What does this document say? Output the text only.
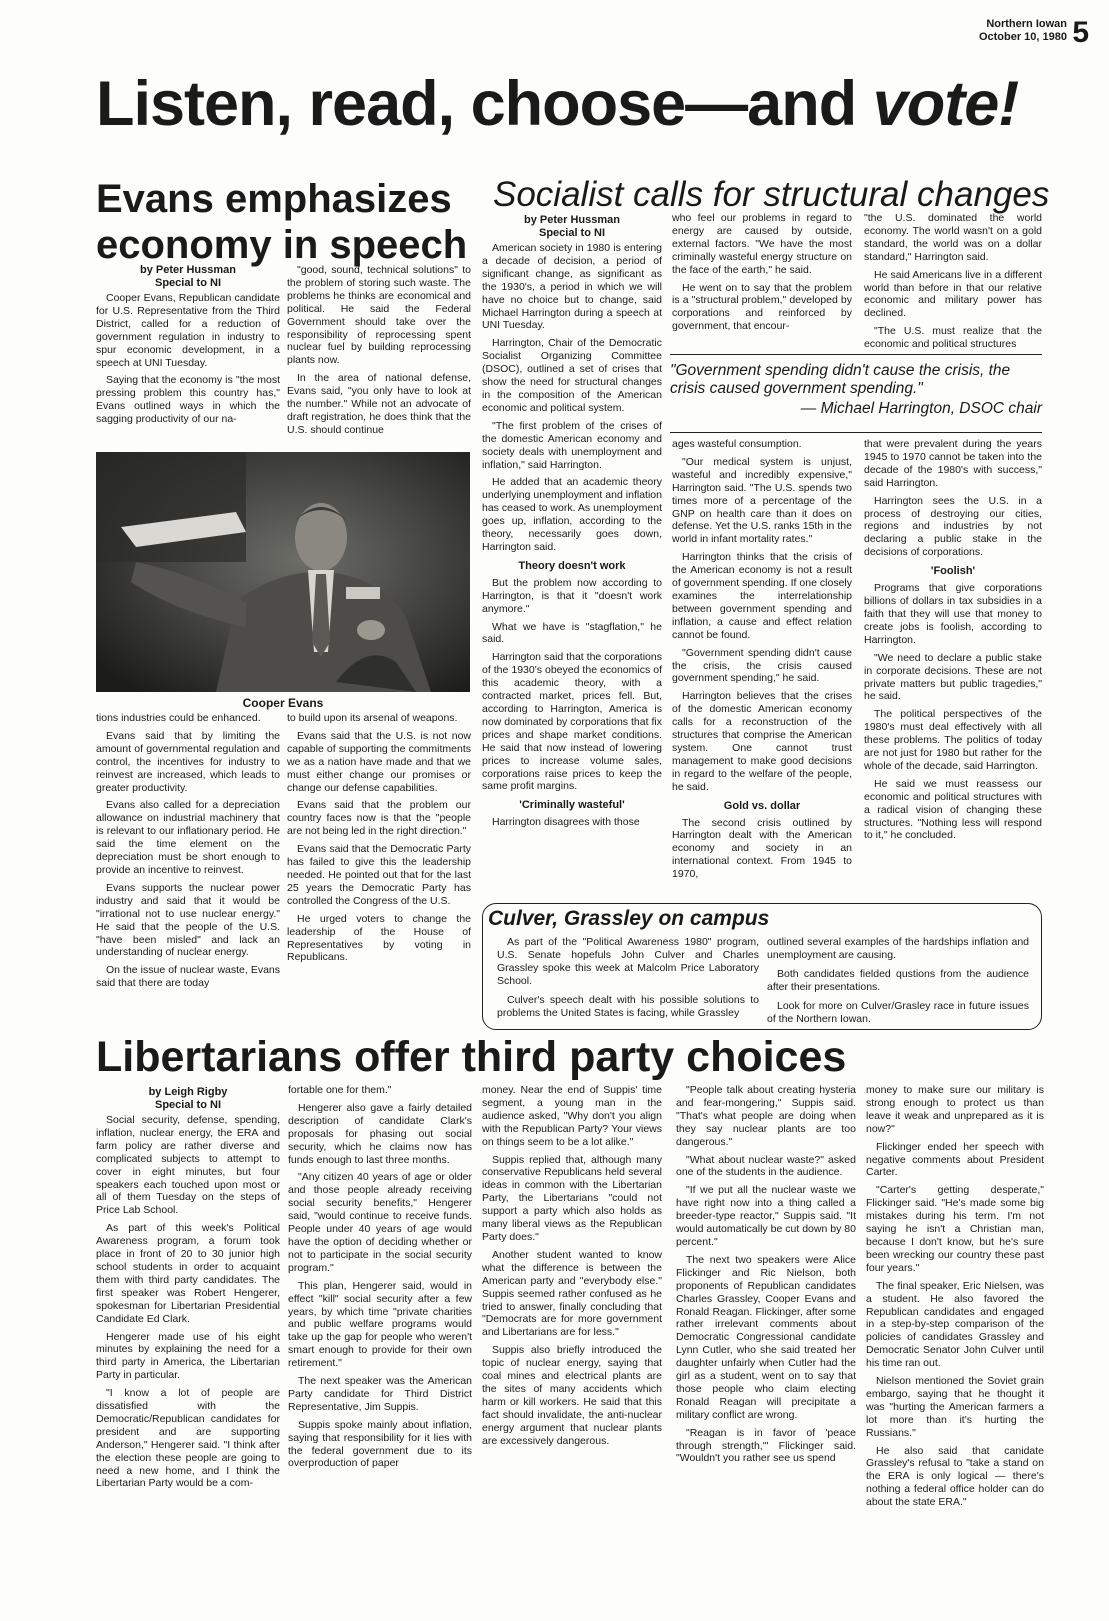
Northern Iowan
October 10, 1980 5
Listen, read, choose—and vote!
Evans emphasizes economy in speech
by Peter Hussman
Special to NI

Cooper Evans, Republican candidate for U.S. Representative from the Third District, called for a reduction of government regulation in industry to spur economic development, in a speech at UNI Tuesday.

Saying that the economy is "the most pressing problem this country has," Evans outlined ways in which the sagging productivity of our na-

"good, sound, technical solutions" to the problem of storing such waste. The problems he thinks are economical and political. He said the Federal Government should take over the responsibility of reprocessing spent nuclear fuel by building reprocessing plants now.

In the area of national defense, Evans said, "you only have to look at the number." While not an advocate of draft registration, he does think that the U.S. should continue

Cooper Evans

tions industries could be enhanced.

Evans said that by limiting the amount of governmental regulation and control, the incentives for industry to reinvest are increased, which leads to greater productivity.

Evans also called for a depreciation allowance on industrial machinery that is relevant to our inflationary period. He said the time element on the depreciation must be short enough to provide an incentive to reinvest.

Evans supports the nuclear power industry and said that it would be "irrational not to use nuclear energy." He said that the people of the U.S. "have been misled" and lack an understanding of nuclear energy.

On the issue of nuclear waste, Evans said that there are today

to build upon its arsenal of weapons.

Evans said that the U.S. is not now capable of supporting the commitments we as a nation have made and that we must either change our promises or change our defense capabilities.

Evans said that the problem our country faces now is that the "people are not being led in the right direction."

Evans said that the Democratic Party has failed to give this the leadership needed. He pointed out that for the last 25 years the Democratic Party has controlled the Congress of the U.S.

He urged voters to change the leadership of the House of Representatives by voting in Republicans.

Socialist calls for structural changes
by Peter Hussman
Special to NI

American society in 1980 is entering a decade of decision, a period of significant change, as significant as the 1930's, a period in which we will have no choice but to change, said Michael Harrington during a speech at UNI Tuesday.

Harrington, Chair of the Democratic Socialist Organizing Committee (DSOC), outlined a set of crises that show the need for structural changes in the composition of the American economic and political system.

"The first problem of the crises of the domestic American economy and society deals with unemployment and inflation," said Harrington.

He added that an academic theory underlying unemployment and inflation has ceased to work. As unemployment goes up, inflation, according to the theory, necessarily goes down, Harrington said.

Theory doesn't work

But the problem now according to Harrington, is that it "doesn't work anymore."

What we have is "stagflation," he said.

Harrington said that the corporations of the 1930's obeyed the economics of this academic theory, with a contracted market, prices fell. But, according to Harrington, America is now dominated by corporations that fix prices and shape market conditions. He said that now instead of lowering prices to increase volume sales, corporations raise prices to keep the same profit margins.

'Criminally wasteful'

Harrington disagrees with those

who feel our problems in regard to energy are caused by outside, external factors. "We have the most criminally wasteful energy structure on the face of the earth," he said.

He went on to say that the problem is a "structural problem," developed by corporations and reinforced by government, that encour-

"the U.S. dominated the world economy. The world wasn't on a gold standard, the world was on a dollar standard," Harrington said.

He said Americans live in a different world than before in that our relative economic and military power has declined.

"The U.S. must realize that the economic and political structures

"Government spending didn't cause the crisis, the crisis caused government spending."
— Michael Harrington, DSOC chair

ages wasteful consumption.

"Our medical system is unjust, wasteful and incredibly expensive," Harrington said. "The U.S. spends two times more of a percentage of the GNP on health care than it does on defense. Yet the U.S. ranks 15th in the world in infant mortality rates."

Harrington thinks that the crisis of the American economy is not a result of government spending. If one closely examines the interrelationship between government spending and inflation, a cause and effect relation cannot be found.

"Government spending didn't cause the crisis, the crisis caused government spending," he said.

Harrington believes that the crises of the domestic American economy calls for a reconstruction of the structures that comprise the American system. One cannot trust management to make good decisions in regard to the welfare of the people, he said.

Gold vs. dollar

The second crisis outlined by Harrington dealt with the American economy and society in an international context. From 1945 to 1970,

that were prevalent during the years 1945 to 1970 cannot be taken into the decade of the 1980's with success," said Harrington.

Harrington sees the U.S. in a process of destroying our cities, regions and industries by not declaring a public stake in the decisions of corporations.

'Foolish'

Programs that give corporations billions of dollars in tax subsidies in a faith that they will use that money to create jobs is foolish, according to Harrington.

"We need to declare a public stake in corporate decisions. These are not private matters but public tragedies," he said.

The political perspectives of the 1980's must deal effectively with all these problems. The politics of today are not just for 1980 but rather for the whole of the decade, said Harrington.

He said we must reassess our economic and political structures with a radical vision of changing these structures. "Nothing less will respond to it," he concluded.

As part of the "Political Awareness 1980" program, U.S. Senate hopefuls John Culver and Charles Grassley spoke this week at Malcolm Price Laboratory School.

Culver's speech dealt with his possible solutions to problems the United States is facing, while Grassley

outlined several examples of the hardships inflation and unemployment are causing.

Both candidates fielded qustions from the audience after their presentations.

Look for more on Culver/Grasley race in future issues of the Northern Iowan.

Culver, Grassley on campus
Libertarians offer third party choices
by Leigh Rigby
Special to NI

Social security, defense, spending, inflation, nuclear energy, the ERA and farm policy are rather diverse and complicated subjects to attempt to cover in eight minutes, but four speakers each touched upon most or all of them Tuesday on the steps of Price Lab School.

As part of this week's Political Awareness program, a forum took place in front of 20 to 30 junior high school students in order to acquaint them with third party candidates. The first speaker was Robert Hengerer, spokesman for Libertarian Presidential Candidate Ed Clark.

Hengerer made use of his eight minutes by explaining the need for a third party in America, the Libertarian Party in particular.

"I know a lot of people are dissatisfied with the Democratic/Republican candidates for president and are supporting Anderson," Hengerer said. "I think after the election these people are going to need a new home, and I think the Libertarian Party would be a com-

fortable one for them."

Hengerer also gave a fairly detailed description of candidate Clark's proposals for phasing out social security, which he claims now has funds enough to last three months.

"Any citizen 40 years of age or older and those people already receiving social security benefits," Hengerer said, "would continue to receive funds. People under 40 years of age would have the option of deciding whether or not to participate in the social security program."

This plan, Hengerer said, would in effect "kill" social security after a few years, by which time "private charities and public welfare programs would take up the gap for people who weren't smart enough to provide for their own retirement."

The next speaker was the American Party candidate for Third District Representative, Jim Suppis.

Suppis spoke mainly about inflation, saying that responsibility for it lies with the federal government due to its overproduction of paper

money. Near the end of Suppis' time segment, a young man in the audience asked, "Why don't you align with the Republican Party? Your views on things seem to be a lot alike."

Suppis replied that, although many conservative Republicans held several ideas in common with the Libertarian Party, the Libertarians "could not support a party which also holds as many liberal views as the Republican Party does."

Another student wanted to know what the difference is between the American party and "everybody else." Suppis seemed rather confused as he tried to answer, finally concluding that "Democrats are for more government and Libertarians are for less."

Suppis also briefly introduced the topic of nuclear energy, saying that coal mines and electrical plants are the sites of many accidents which harm or kill workers. He said that this fact should invalidate, the anti-nuclear energy argument that nuclear plants are excessively dangerous.

"People talk about creating hysteria and fear-mongering," Suppis said. "That's what people are doing when they say nuclear plants are too dangerous."

"What about nuclear waste?" asked one of the students in the audience.

"If we put all the nuclear waste we have right now into a thing called a breeder-type reactor," Suppis said. "It would automatically be cut down by 80 percent."

The next two speakers were Alice Flickinger and Ric Nielson, both proponents of Republican candidates Charles Grassley, Cooper Evans and Ronald Reagan. Flickinger, after some rather irrelevant comments about Democratic Congressional candidate Lynn Cutler, who she said treated her daughter unfairly when Cutler had the girl as a student, went on to say that those people who claim electing Ronald Reagan will precipitate a military conflict are wrong.

"Reagan is in favor of 'peace through strength,'" Flickinger said. "Wouldn't you rather see us spend

money to make sure our military is strong enough to protect us than leave it weak and unprepared as it is now?"

Flickinger ended her speech with negative comments about President Carter.

"Carter's getting desperate," Flickinger said. "He's made some big mistakes during his term. I'm not saying he isn't a Christian man, because I don't know, but he's sure been wrecking our country these past four years."

The final speaker, Eric Nielsen, was a student. He also favored the Republican candidates and engaged in a step-by-step comparison of the policies of candidates Grassley and Democratic Senator John Culver until his time ran out.

Nielson mentioned the Soviet grain embargo, saying that he thought it was "hurting the American farmers a lot more than it's hurting the Russians."

He also said that canidate Grassley's refusal to "take a stand on the ERA is only logical — there's nothing a federal office holder can do about the state ERA."
